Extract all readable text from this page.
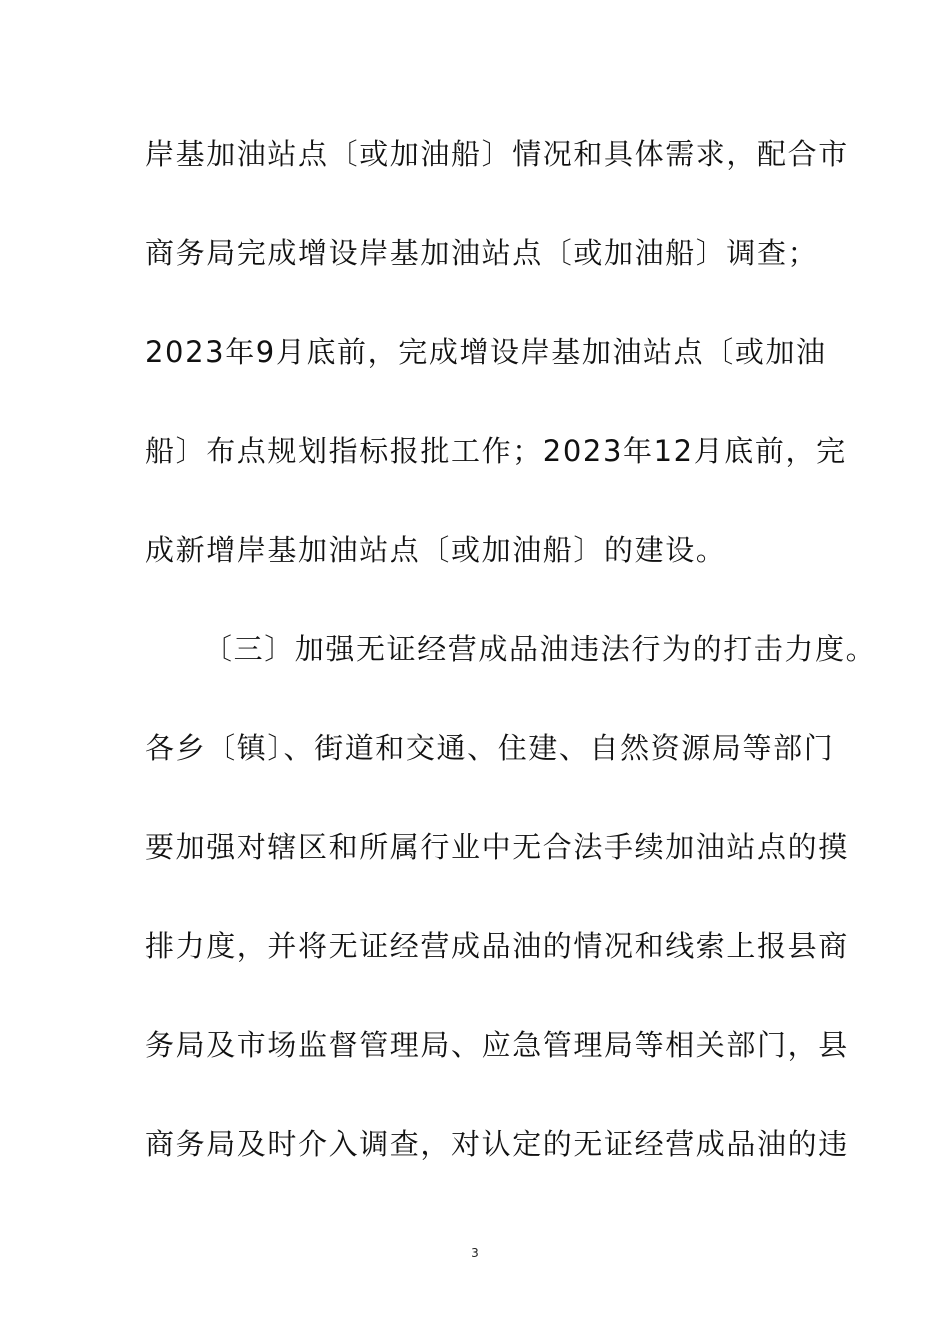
岸基加油站点〔或加油船〕情况和具体需求，配合市
商务局完成增设岸基加油站点〔或加油船〕调查；
2023年9月底前，完成增设岸基加油站点〔或加油
船〕布点规划指标报批工作；2023年12月底前，完
成新增岸基加油站点〔或加油船〕的建设。
〔三〕加强无证经营成品油违法行为的打击力度。
各乡〔镇〕、街道和交通、住建、自然资源局等部门
要加强对辖区和所属行业中无合法手续加油站点的摸
排力度，并将无证经营成品油的情况和线索上报县商
务局及市场监督管理局、应急管理局等相关部门，县
商务局及时介入调查，对认定的无证经营成品油的违
3
